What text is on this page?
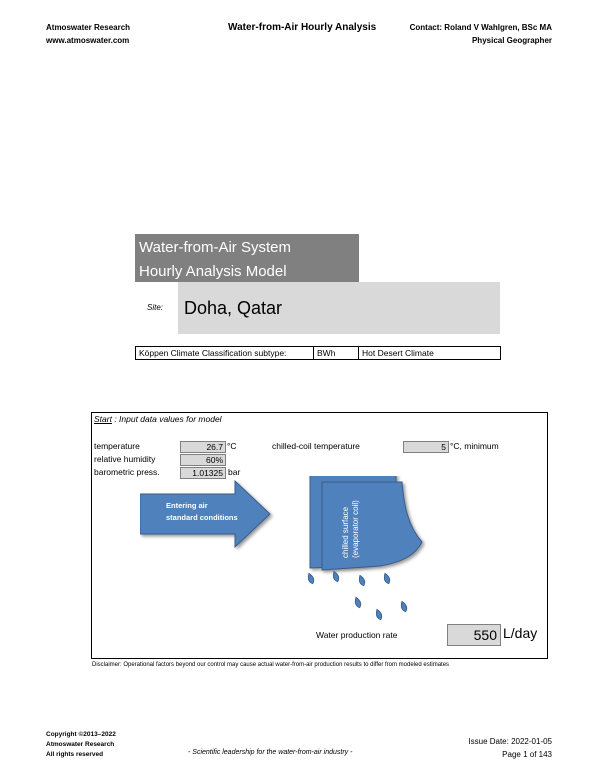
Atmoswater Research
www.atmoswater.com
Water-from-Air Hourly Analysis	Contact: Roland V Wahlgren, BSc MA
Physical Geographer
Water-from-Air System
Hourly Analysis Model
Site:	Doha, Qatar
Köppen Climate Classification subtype:	BWh	Hot Desert Climate
Start : Input data values for model
temperature	26.7 °C
relative humidity	60%
barometric press.	1.01325 bar
chilled-coil temperature	5 °C, minimum
Entering air
standard conditions	chilled surface (evaporator coil)
Water production rate	550 L/day
Disclaimer: Operational factors beyond our control may cause actual water-from-air production results to differ from modeled estimates
Copyright ©2013–2022
Atmoswater Research
All rights reserved	- Scientific leadership for the water-from-air industry -
Issue Date: 2022-01-05
Page 1 of 143
